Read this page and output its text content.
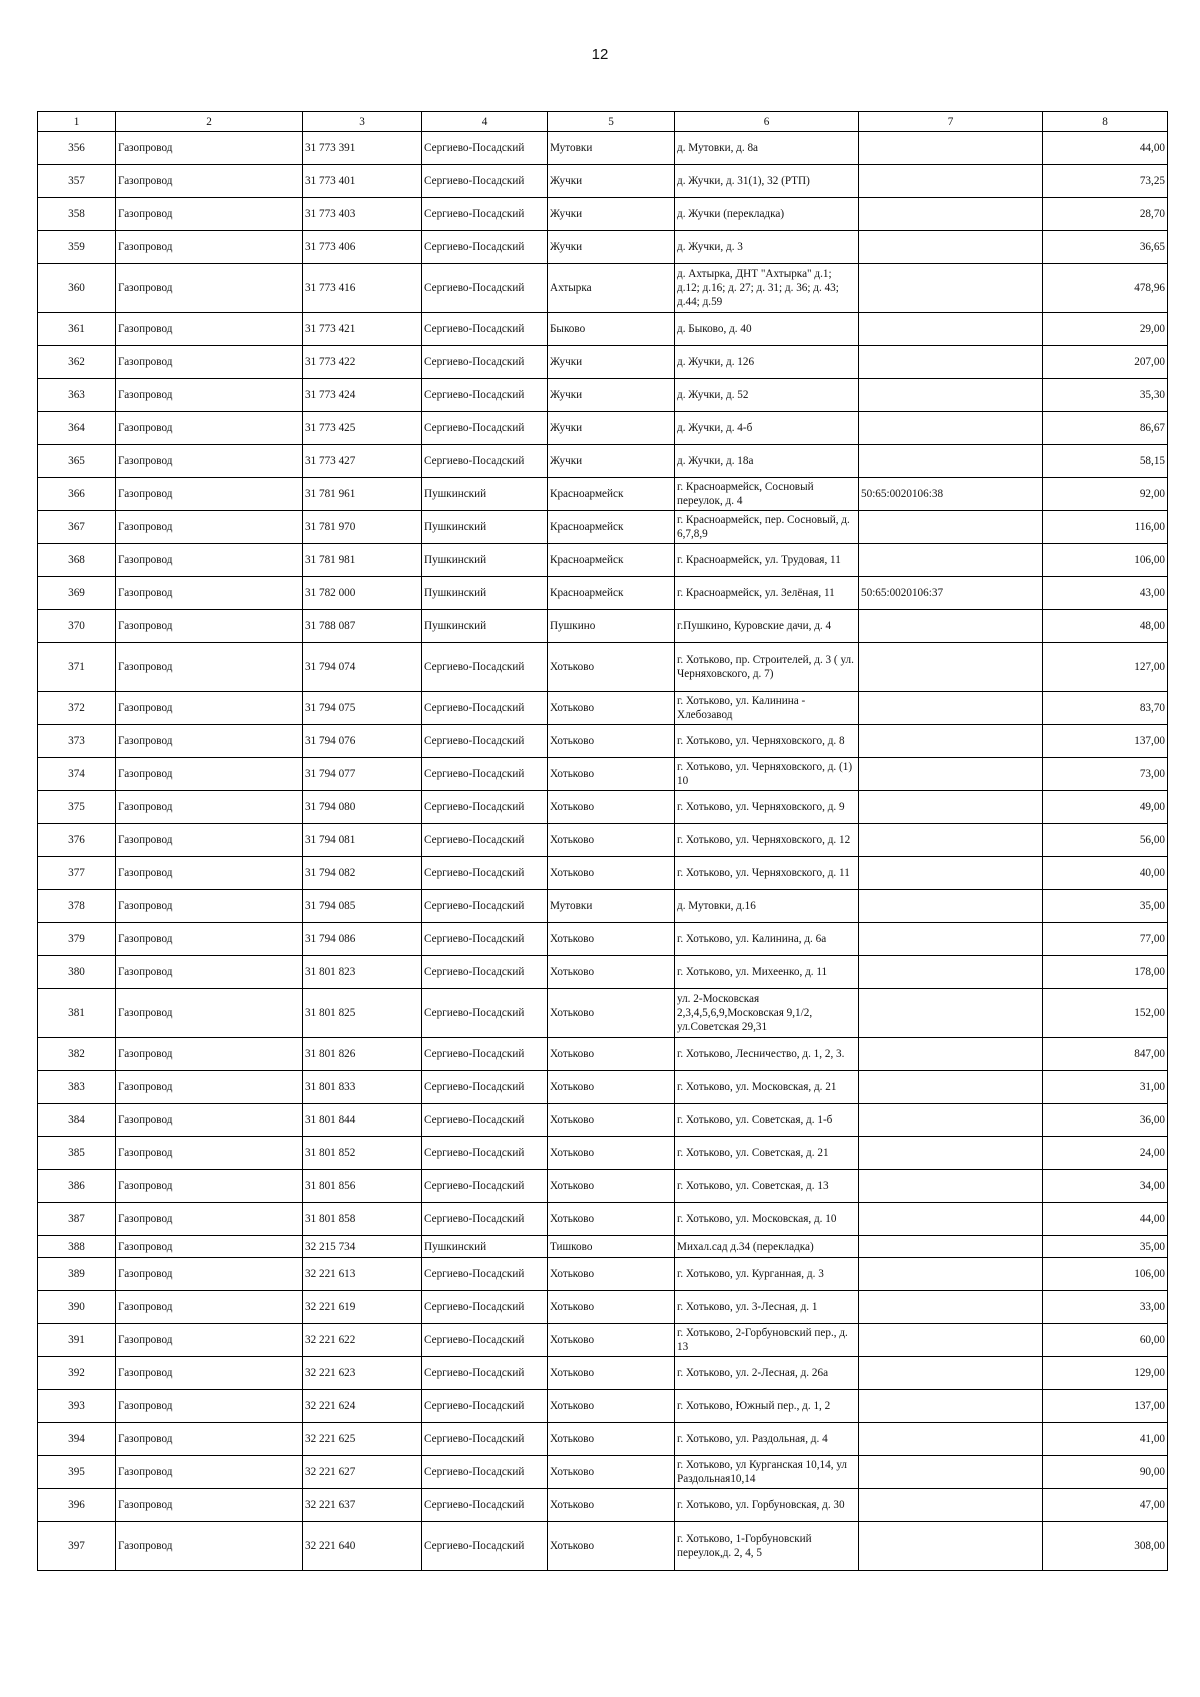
12
1	2	3	4	5	6	7	8
356	Газопровод	31 773 391	Сергиево-Посадский	Мутовки	д. Мутовки, д. 8а		44,00
357	Газопровод	31 773 401	Сергиево-Посадский	Жучки	д. Жучки, д. 31(1), 32 (РТП)		73,25
358	Газопровод	31 773 403	Сергиево-Посадский	Жучки	д. Жучки (перекладка)		28,70
359	Газопровод	31 773 406	Сергиево-Посадский	Жучки	д. Жучки, д. 3		36,65
360	Газопровод	31 773 416	Сергиево-Посадский	Ахтырка	д. Ахтырка, ДНТ "Ахтырка" д.1; д.12; д.16; д. 27; д. 31; д. 36; д. 43; д.44; д.59		478,96
361	Газопровод	31 773 421	Сергиево-Посадский	Быково	д. Быково, д. 40		29,00
362	Газопровод	31 773 422	Сергиево-Посадский	Жучки	д. Жучки, д. 126		207,00
363	Газопровод	31 773 424	Сергиево-Посадский	Жучки	д. Жучки, д. 52		35,30
364	Газопровод	31 773 425	Сергиево-Посадский	Жучки	д. Жучки, д. 4-б		86,67
365	Газопровод	31 773 427	Сергиево-Посадский	Жучки	д. Жучки, д. 18а		58,15
366	Газопровод	31 781 961	Пушкинский	Красноармейск	г. Красноармейск, Сосновый переулок, д. 4	50:65:0020106:38	92,00
367	Газопровод	31 781 970	Пушкинский	Красноармейск	г. Красноармейск, пер. Сосновый, д. 6,7,8,9		116,00
368	Газопровод	31 781 981	Пушкинский	Красноармейск	г. Красноармейск, ул. Трудовая, 11		106,00
369	Газопровод	31 782 000	Пушкинский	Красноармейск	г. Красноармейск, ул. Зелёная, 11	50:65:0020106:37	43,00
370	Газопровод	31 788 087	Пушкинский	Пушкино	г.Пушкино, Куровские дачи, д. 4		48,00
371	Газопровод	31 794 074	Сергиево-Посадский	Хотьково	г. Хотьково, пр. Строителей, д. 3 ( ул. Черняховского, д. 7)		127,00
372	Газопровод	31 794 075	Сергиево-Посадский	Хотьково	г. Хотьково, ул. Калинина - Хлебозавод		83,70
373	Газопровод	31 794 076	Сергиево-Посадский	Хотьково	г. Хотьково, ул. Черняховского, д. 8		137,00
374	Газопровод	31 794 077	Сергиево-Посадский	Хотьково	г. Хотьково, ул. Черняховского, д. (1) 10		73,00
375	Газопровод	31 794 080	Сергиево-Посадский	Хотьково	г. Хотьково, ул. Черняховского, д. 9		49,00
376	Газопровод	31 794 081	Сергиево-Посадский	Хотьково	г. Хотьково, ул. Черняховского, д. 12		56,00
377	Газопровод	31 794 082	Сергиево-Посадский	Хотьково	г. Хотьково, ул. Черняховского, д. 11		40,00
378	Газопровод	31 794 085	Сергиево-Посадский	Мутовки	д. Мутовки, д.16		35,00
379	Газопровод	31 794 086	Сергиево-Посадский	Хотьково	г. Хотьково, ул. Калинина, д. 6а		77,00
380	Газопровод	31 801 823	Сергиево-Посадский	Хотьково	г. Хотьково, ул. Михеенко, д. 11		178,00
381	Газопровод	31 801 825	Сергиево-Посадский	Хотьково	ул. 2-Московская 2,3,4,5,6,9,Московская 9,1/2, ул.Советская 29,31		152,00
382	Газопровод	31 801 826	Сергиево-Посадский	Хотьково	г. Хотьково, Лесничество, д. 1, 2, 3.		847,00
383	Газопровод	31 801 833	Сергиево-Посадский	Хотьково	г. Хотьково, ул. Московская, д. 21		31,00
384	Газопровод	31 801 844	Сергиево-Посадский	Хотьково	г. Хотьково, ул. Советская, д. 1-б		36,00
385	Газопровод	31 801 852	Сергиево-Посадский	Хотьково	г. Хотьково, ул. Советская, д. 21		24,00
386	Газопровод	31 801 856	Сергиево-Посадский	Хотьково	г. Хотьково, ул. Советская, д. 13		34,00
387	Газопровод	31 801 858	Сергиево-Посадский	Хотьково	г. Хотьково, ул. Московская, д. 10		44,00
388	Газопровод	32 215 734	Пушкинский	Тишково	Михал.сад д.34 (перекладка)		35,00
389	Газопровод	32 221 613	Сергиево-Посадский	Хотьково	г. Хотьково, ул. Курганная, д. 3		106,00
390	Газопровод	32 221 619	Сергиево-Посадский	Хотьково	г. Хотьково, ул. 3-Лесная, д. 1		33,00
391	Газопровод	32 221 622	Сергиево-Посадский	Хотьково	г. Хотьково, 2-Горбуновский пер., д. 13		60,00
392	Газопровод	32 221 623	Сергиево-Посадский	Хотьково	г. Хотьково, ул. 2-Лесная, д. 26а		129,00
393	Газопровод	32 221 624	Сергиево-Посадский	Хотьково	г. Хотьково, Южный пер., д. 1, 2		137,00
394	Газопровод	32 221 625	Сергиево-Посадский	Хотьково	г. Хотьково, ул. Раздольная, д. 4		41,00
395	Газопровод	32 221 627	Сергиево-Посадский	Хотьково	г. Хотьково, ул Курганская 10,14, ул Раздольная10,14		90,00
396	Газопровод	32 221 637	Сергиево-Посадский	Хотьково	г. Хотьково, ул. Горбуновская, д. 30		47,00
397	Газопровод	32 221 640	Сергиево-Посадский	Хотьково	г. Хотьково, 1-Горбуновский переулок,д. 2, 4, 5		308,00
